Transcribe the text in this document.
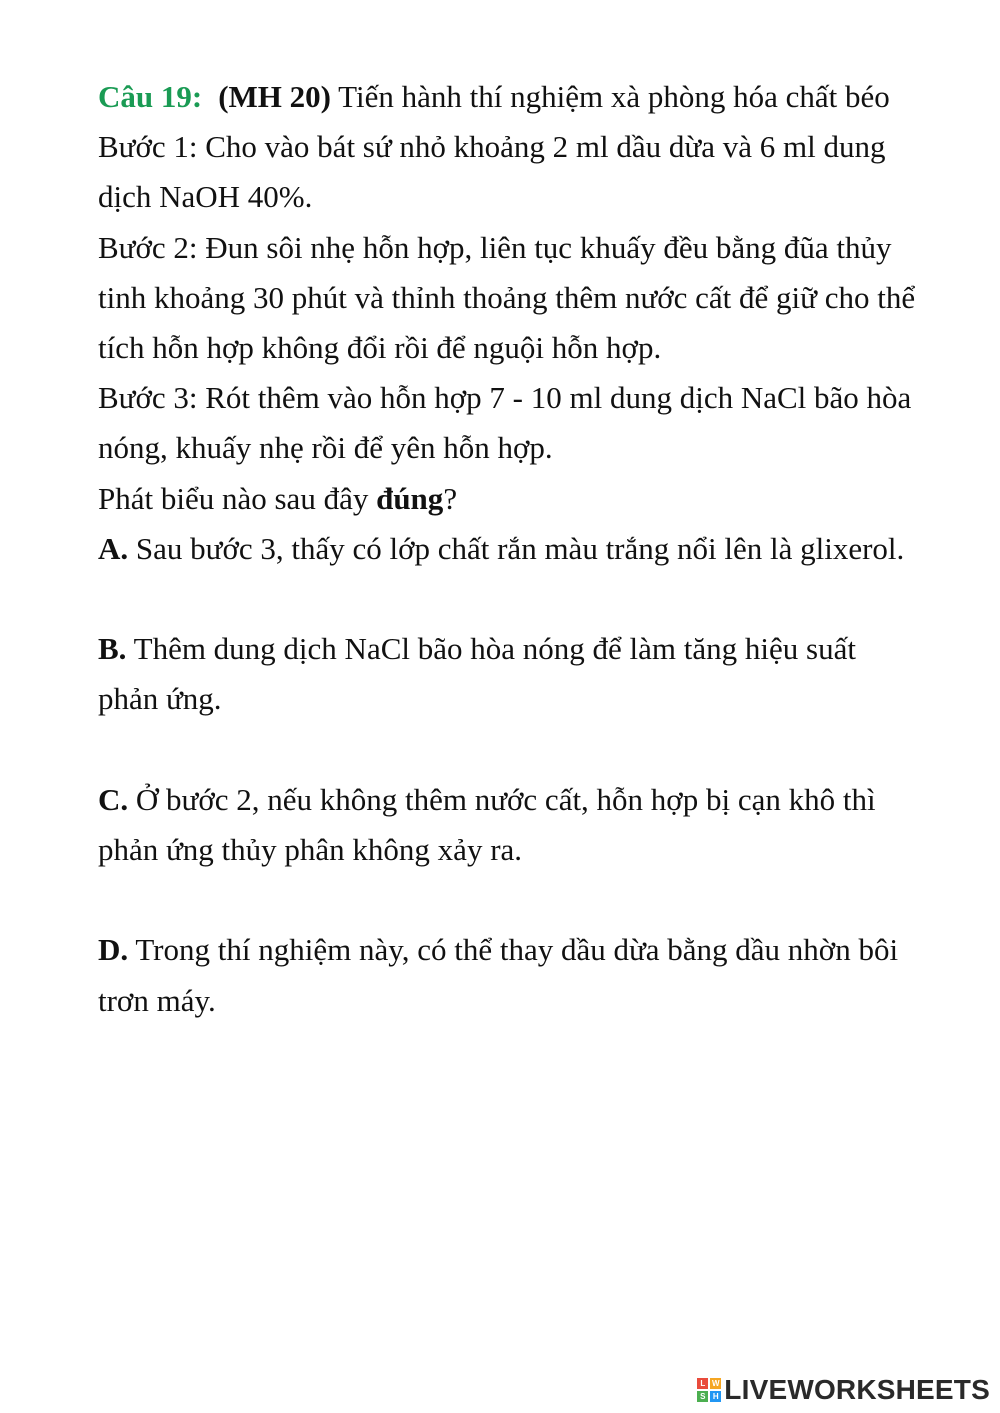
Câu 19: (MH 20) Tiến hành thí nghiệm xà phòng hóa chất béo

Bước 1: Cho vào bát sứ nhỏ khoảng 2 ml dầu dừa và 6 ml dung dịch NaOH 40%.

Bước 2: Đun sôi nhẹ hỗn hợp, liên tục khuấy đều bằng đũa thủy tinh khoảng 30 phút và thỉnh thoảng thêm nước cất để giữ cho thể tích hỗn hợp không đổi rồi để nguội hỗn hợp.

Bước 3: Rót thêm vào hỗn hợp 7 - 10 ml dung dịch NaCl bão hòa nóng, khuấy nhẹ rồi để yên hỗn hợp.

Phát biểu nào sau đây đúng?

A. Sau bước 3, thấy có lớp chất rắn màu trắng nổi lên là glixerol.

B. Thêm dung dịch NaCl bão hòa nóng để làm tăng hiệu suất phản ứng.

C. Ở bước 2, nếu không thêm nước cất, hỗn hợp bị cạn khô thì phản ứng thủy phân không xảy ra.

D. Trong thí nghiệm này, có thể thay dầu dừa bằng dầu nhờn bôi trơn máy.

L W
S H LIVEWORKSHEETS
